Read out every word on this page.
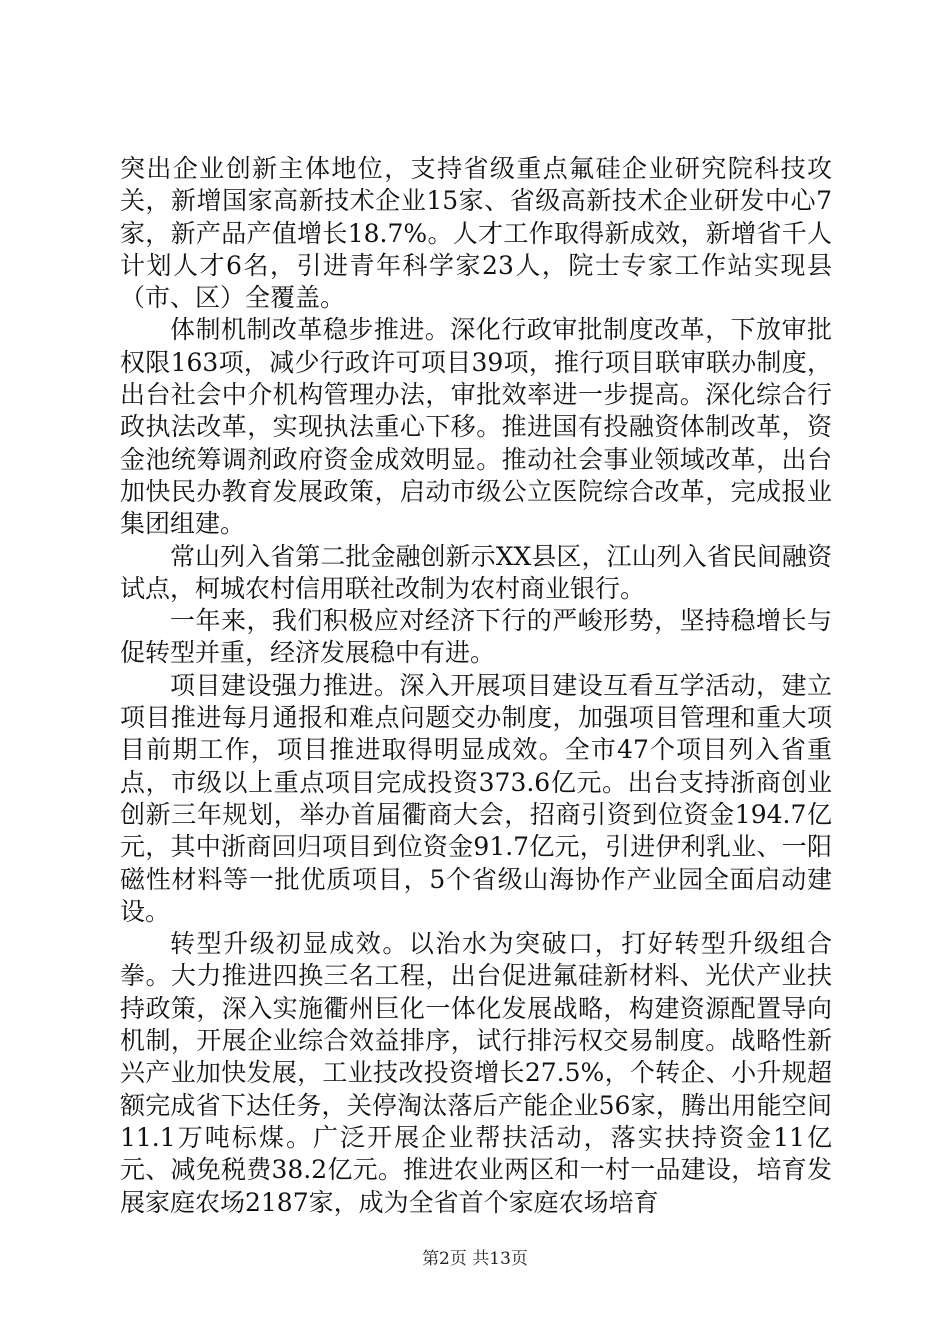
突出企业创新主体地位，支持省级重点氟硅企业研究院科技攻关，新增国家高新技术企业15家、省级高新技术企业研发中心7家，新产品产值增长18.7%。人才工作取得新成效，新增省千人计划人才6名，引进青年科学家23人，院士专家工作站实现县（市、区）全覆盖。

体制机制改革稳步推进。深化行政审批制度改革，下放审批权限163项，减少行政许可项目39项，推行项目联审联办制度，出台社会中介机构管理办法，审批效率进一步提高。深化综合行政执法改革，实现执法重心下移。推进国有投融资体制改革，资金池统筹调剂政府资金成效明显。推动社会事业领域改革，出台加快民办教育发展政策，启动市级公立医院综合改革，完成报业集团组建。

常山列入省第二批金融创新示XX县区，江山列入省民间融资试点，柯城农村信用联社改制为农村商业银行。

一年来，我们积极应对经济下行的严峻形势，坚持稳增长与促转型并重，经济发展稳中有进。

项目建设强力推进。深入开展项目建设互看互学活动，建立项目推进每月通报和难点问题交办制度，加强项目管理和重大项目前期工作，项目推进取得明显成效。全市47个项目列入省重点，市级以上重点项目完成投资373.6亿元。出台支持浙商创业创新三年规划，举办首届衢商大会，招商引资到位资金194.7亿元，其中浙商回归项目到位资金91.7亿元，引进伊利乳业、一阳磁性材料等一批优质项目，5个省级山海协作产业园全面启动建设。

转型升级初显成效。以治水为突破口，打好转型升级组合拳。大力推进四换三名工程，出台促进氟硅新材料、光伏产业扶持政策，深入实施衢州巨化一体化发展战略，构建资源配置导向机制，开展企业综合效益排序，试行排污权交易制度。战略性新兴产业加快发展，工业技改投资增长27.5%，个转企、小升规超额完成省下达任务，关停淘汰落后产能企业56家，腾出用能空间11.1万吨标煤。广泛开展企业帮扶活动，落实扶持资金11亿元、减免税费38.2亿元。推进农业两区和一村一品建设，培育发展家庭农场2187家，成为全省首个家庭农场培育

第2页 共13页
